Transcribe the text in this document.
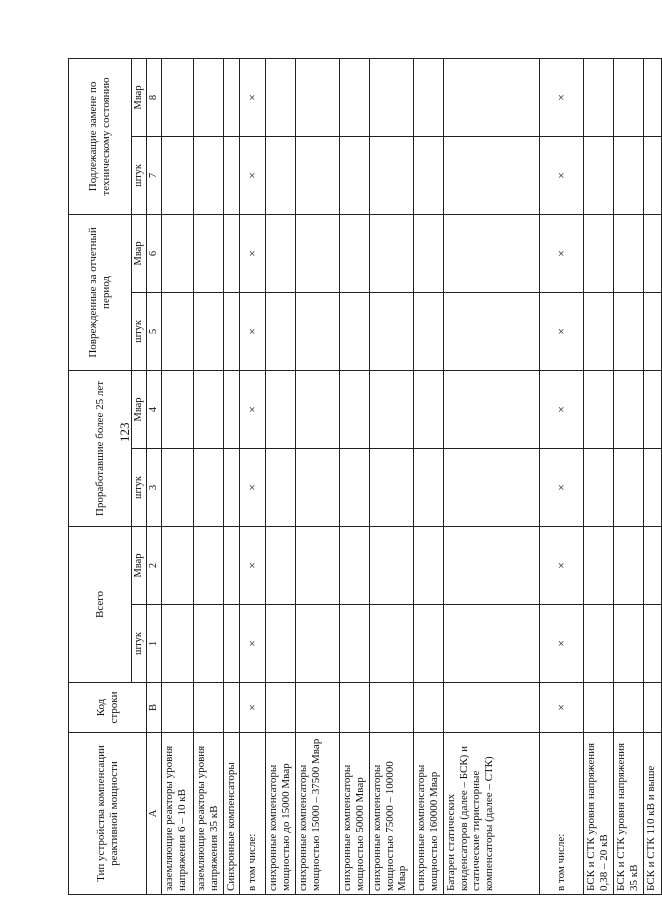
123
Тип устройства компенсации реактивной мощности	Код строки	Всего		Проработавшие более 25 лет		Поврежденные за отчетный период		Подлежащие замене по техническому состоянию	
		штук	Мвар	штук	Мвар	штук	Мвар	штук	Мвар
А	В	1	2	3	4	5	6	7	8
заземляющие реакторы уровня напряжения 6 – 10 кВ									
заземляющие реакторы уровня напряжения 35 кВ									
Синхронные компенсаторы									
в том числе:	×	×	×	×	×	×	×	×	×
синхронные компенсаторы мощностью до 15000 Мвар									
синхронные компенсаторы мощностью 15000 – 37500 Мвар									
синхронные компенсаторы мощностью 50000 Мвар									
синхронные компенсаторы мощностью 75000 – 100000 Мвар									
синхронные компенсаторы мощностью 160000 Мвар									
Батареи статических конденсаторов (далее – БСК) и статические тиристорные компенсаторы (далее – СТК)									
в том числе:	×	×	×	×	×	×	×	×	×
БСК и СТК уровня напряжения 0,38 – 20 кВ									
БСК и СТК уровня напряжения 35 кВ									
БСК и СТК 110 кВ и выше									
